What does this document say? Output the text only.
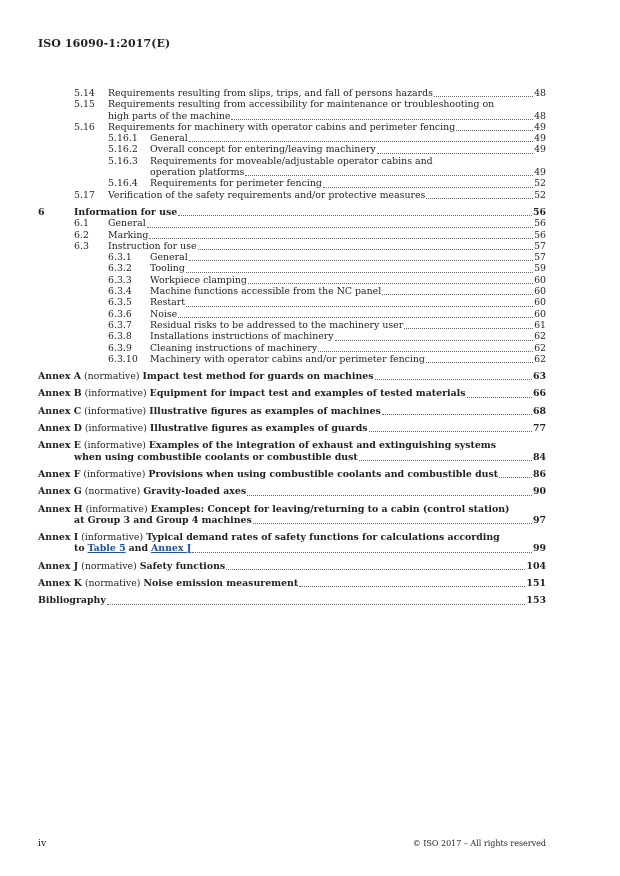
ISO 16090-1:2017(E)
5.14 Requirements resulting from slips, trips, and fall of persons hazards	48
5.15 Requirements resulting from accessibility for maintenance or troubleshooting on
high parts of the machine	48
5.16 Requirements for machinery with operator cabins and perimeter fencing	49
5.16.1 General	49
5.16.2 Overall concept for entering/leaving machinery	49
5.16.3 Requirements for moveable/adjustable operator cabins and
operation platforms	49
5.16.4 Requirements for perimeter fencing	52
5.17 Verification of the safety requirements and/or protective measures	52
6	Information for use	56
6.1 General	56
6.2 Marking	56
6.3 Instruction for use	57
6.3.1 General	57
6.3.2 Tooling	59
6.3.3 Workpiece clamping	60
6.3.4 Machine functions accessible from the NC panel	60
6.3.5 Restart	60
6.3.6 Noise	60
6.3.7 Residual risks to be addressed to the machinery user	61
6.3.8 Installations instructions of machinery	62
6.3.9 Cleaning instructions of machinery	62
6.3.10 Machinery with operator cabins and/or perimeter fencing	62
Annex A (normative) Impact test method for guards on machines	63
Annex B (informative) Equipment for impact test and examples of tested materials	66
Annex C (informative) Illustrative figures as examples of machines	68
Annex D (informative) Illustrative figures as examples of guards	77
Annex E (informative) Examples of the integration of exhaust and extinguishing systems
when using combustible coolants or combustible dust	84
Annex F (informative) Provisions when using combustible coolants and combustible dust	86
Annex G (normative) Gravity-loaded axes	90
Annex H (informative) Examples: Concept for leaving/returning to a cabin (control station)
at Group 3 and Group 4 machines	97
Annex I (informative) Typical demand rates of safety functions for calculations according
to Table 5 and Annex J	99
Annex J (normative) Safety functions	104
Annex K (normative) Noise emission measurement	151
Bibliography	153
iv	© ISO 2017 – All rights reserved
